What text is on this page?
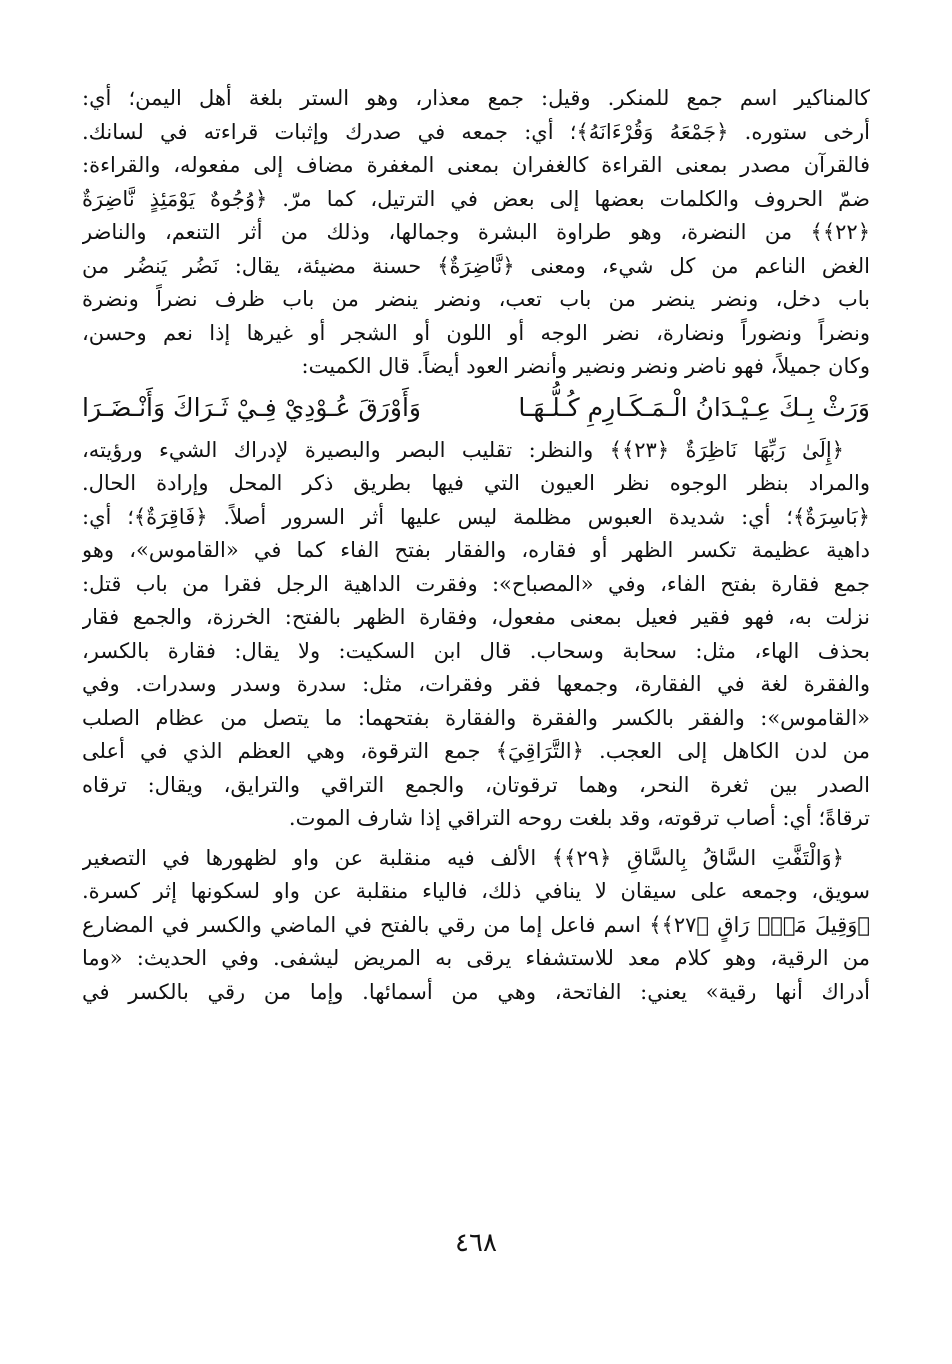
كالمناكير اسم جمع للمنكر. وقيل: جمع معذار، وهو الستر بلغة أهل اليمن؛ أي:
أرخى ستوره. ﴿جَمْعَهُ وَقُرْءَانَهُ﴾؛ أي: جمعه في صدرك وإثبات قراءته في لسانك.
فالقرآن مصدر بمعنى القراءة كالغفران بمعنى المغفرة مضاف إلى مفعوله، والقراءة:
ضمّ الحروف والكلمات بعضها إلى بعض في الترتيل، كما مرّ. ﴿وُجُوهٌ يَوْمَئِذٍ نَّاضِرَةٌ
﴿٢٢﴾﴾ من النضرة، وهو طراوة البشرة وجمالها، وذلك من أثر التنعم، والناضر
الغض الناعم من كل شيء، ومعنى ﴿نَّاضِرَةٌ﴾ حسنة مضيئة، يقال: نَضُر يَنضُر من
باب دخل، ونضر ينضر من باب تعب، ونضر ينضر من باب ظرف نضراً ونضرة
ونضراً ونضوراً ونضارة، نضر الوجه أو اللون أو الشجر أو غيرها إذا نعم وحسن،
وكان جميلاً، فهو ناضر ونضر ونضير وأنضر العود أيضاً. قال الكميت:
وَرَثْ بِـكَ عِـيْـدَانُ الْـمَـكَـارِمِ كُـلُّـهَـا
وَأَوْرَقَ عُـوْدِيْ فِـيْ ثَـرَاكَ وَأَنْـضَـرَا
﴿إِلَىٰ رَبِّهَا نَاظِرَةٌ ﴿٢٣﴾﴾ والنظر: تقليب البصر والبصيرة لإدراك الشيء ورؤيته،
والمراد بنظر الوجوه نظر العيون التي فيها بطريق ذكر المحل وإرادة الحال.
﴿بَاسِرَةٌ﴾؛ أي: شديدة العبوس مظلمة ليس عليها أثر السرور أصلاً. ﴿فَاقِرَةٌ﴾؛ أي:
داهية عظيمة تكسر الظهر أو فقاره، والفقار بفتح الفاء كما في «القاموس»، وهو
جمع فقارة بفتح الفاء، وفي «المصباح»: وفقرت الداهية الرجل فقرا من باب قتل:
نزلت به، فهو فقير فعيل بمعنى مفعول، وفقارة الظهر بالفتح: الخرزة، والجمع فقار
بحذف الهاء، مثل: سحابة وسحاب. قال ابن السكيت: ولا يقال: فقارة بالكسر،
والفقرة لغة في الفقارة، وجمعها فقر وفقرات، مثل: سدرة وسدر وسدرات. وفي
«القاموس»: والفقر بالكسر والفقرة والفقارة بفتحهما: ما يتصل من عظام الصلب
من لدن الكاهل إلى العجب. ﴿التَّرَاقِيَ﴾ جمع الترقوة، وهي العظم الذي في أعلى
الصدر بين ثغرة النحر، وهما ترقوتان، والجمع التراقي والترايق، ويقال: ترقاه
ترقاةً؛ أي: أصاب ترقوته، وقد بلغت روحه التراقي إذا شارف الموت.
﴿وَالْتَفَّتِ السَّاقُ بِالسَّاقِ ﴿٢٩﴾﴾ الألف فيه منقلبة عن واو لظهورها في التصغير
سويق، وجمعه على سيقان لا ينافي ذلك، فالياء منقلبة عن واو لسكونها إثر كسرة.
﴿وَقِيلَ مَنْۜ رَاقٍ ﴿٢٧﴾﴾ اسم فاعل إما من رقي بالفتح في الماضي والكسر في المضارع
من الرقية، وهو كلام معد للاستشفاء يرقى به المريض ليشفى. وفي الحديث: «وما
أدراك أنها رقية» يعني: الفاتحة، وهي من أسمائها. وإما من رقي بالكسر في
٤٦٨
